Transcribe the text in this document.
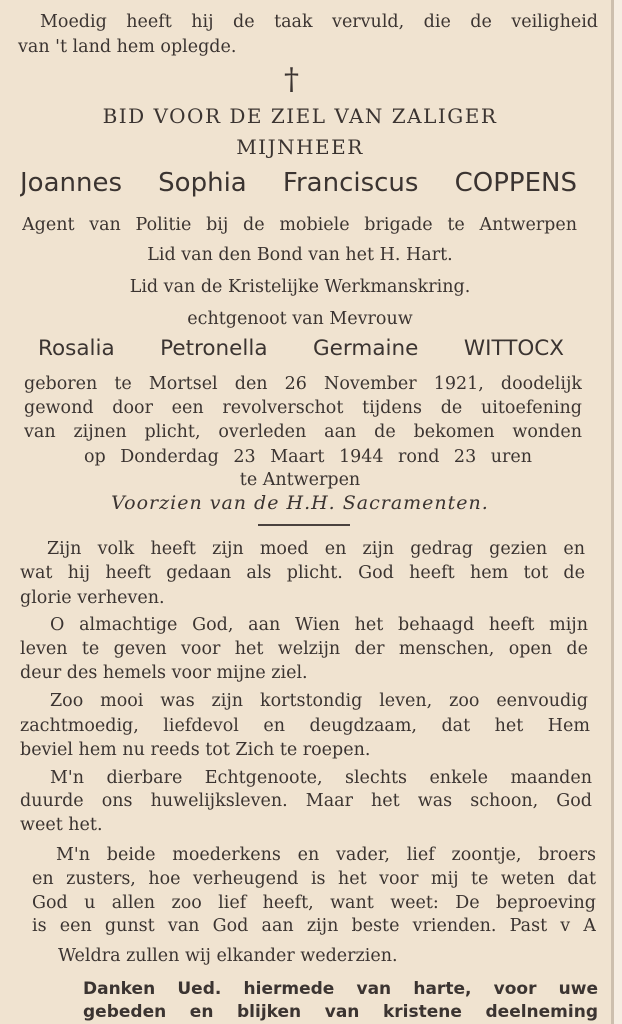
Moedig heeft hij de taak vervuld, die de veiligheid
van 't land hem oplegde.
†
BID VOOR DE ZIEL VAN ZALIGER
MIJNHEER
Joannes Sophia Franciscus COPPENS
Agent van Politie bij de mobiele brigade te Antwerpen
Lid van den Bond van het H. Hart.
Lid van de Kristelijke Werkmanskring.
echtgenoot van Mevrouw
Rosalia Petronella Germaine WITTOCX
geboren te Mortsel den 26 November 1921, doodelijk
gewond door een revolverschot tijdens de uitoefening
van zijnen plicht, overleden aan de bekomen wonden
op Donderdag 23 Maart 1944 rond 23 uren
te Antwerpen
Voorzien van de H.H. Sacramenten.
Zijn volk heeft zijn moed en zijn gedrag gezien en
wat hij heeft gedaan als plicht. God heeft hem tot de
glorie verheven.
O almachtige God, aan Wien het behaagd heeft mijn
leven te geven voor het welzijn der menschen, open de
deur des hemels voor mijne ziel.
Zoo mooi was zijn kortstondig leven, zoo eenvoudig
zachtmoedig, liefdevol en deugdzaam, dat het Hem
beviel hem nu reeds tot Zich te roepen.
M'n dierbare Echtgenoote, slechts enkele maanden
duurde ons huwelijksleven. Maar het was schoon, God
weet het.
M'n beide moederkens en vader, lief zoontje, broers
en zusters, hoe verheugend is het voor mij te weten dat
God u allen zoo lief heeft, want weet: De beproeving
is een gunst van God aan zijn beste vrienden. Past v A
Weldra zullen wij elkander wederzien.
Danken Ued. hiermede van harte, voor uwe
gebeden en blijken van kristene deelneming
